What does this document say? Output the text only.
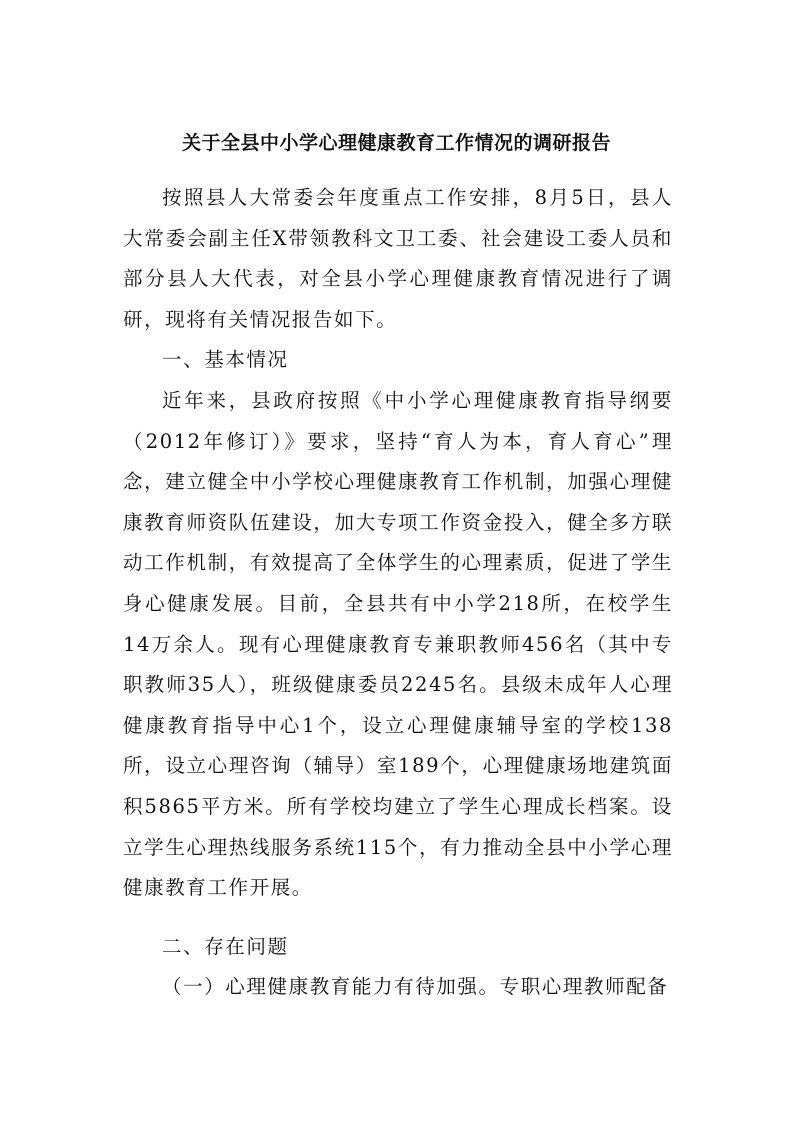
关于全县中小学心理健康教育工作情况的调研报告

按照县人大常委会年度重点工作安排，8月5日，县人大常委会副主任X带领教科文卫工委、社会建设工委人员和部分县人大代表，对全县小学心理健康教育情况进行了调研，现将有关情况报告如下。

一、基本情况

近年来，县政府按照《中小学心理健康教育指导纲要（2012年修订）》要求，坚持“育人为本，育人育心”理念，建立健全中小学校心理健康教育工作机制，加强心理健康教育师资队伍建设，加大专项工作资金投入，健全多方联动工作机制，有效提高了全体学生的心理素质，促进了学生身心健康发展。目前，全县共有中小学218所，在校学生14万余人。现有心理健康教育专兼职教师456名（其中专职教师35人），班级健康委员2245名。县级未成年人心理健康教育指导中心1个，设立心理健康辅导室的学校138所，设立心理咨询（辅导）室189个，心理健康场地建筑面积5865平方米。所有学校均建立了学生心理成长档案。设立学生心理热线服务系统115个，有力推动全县中小学心理健康教育工作开展。

二、存在问题

（一）心理健康教育能力有待加强。专职心理教师配备
